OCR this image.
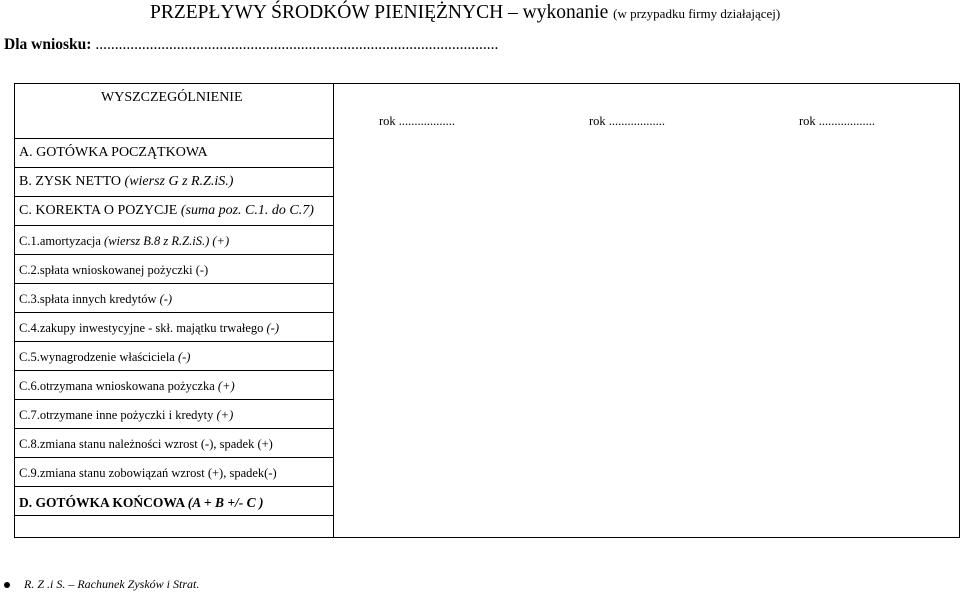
PRZEPŁYWY ŚRODKÓW PIENIĘŻNYCH – wykonanie (w przypadku firmy działającej)
Dla wniosku: ........................................................................................................
WYSZCZEGÓLNIENIE
rok ..................	rok ..................	rok ..................
A. GOTÓWKA POCZĄTKOWA
B. ZYSK NETTO (wiersz G z R.Z.iS.)
C. KOREKTA O POZYCJE (suma poz. C.1. do C.7)
C.1.amortyzacja (wiersz B.8 z R.Z.iS.) (+)
C.2.spłata wnioskowanej pożyczki (-)
C.3.spłata innych kredytów (-)
C.4.zakupy inwestycyjne - skł. majątku trwałego (-)
C.5.wynagrodzenie właściciela (-)
C.6.otrzymana wnioskowana pożyczka (+)
C.7.otrzymane inne pożyczki i kredyty (+)
C.8.zmiana stanu należności wzrost (-), spadek (+)
C.9.zmiana stanu zobowiązań wzrost (+), spadek(-)
D. GOTÓWKA KOŃCOWA (A + B +/- C )
R. Z .i S. – Rachunek Zysków i Strat.
